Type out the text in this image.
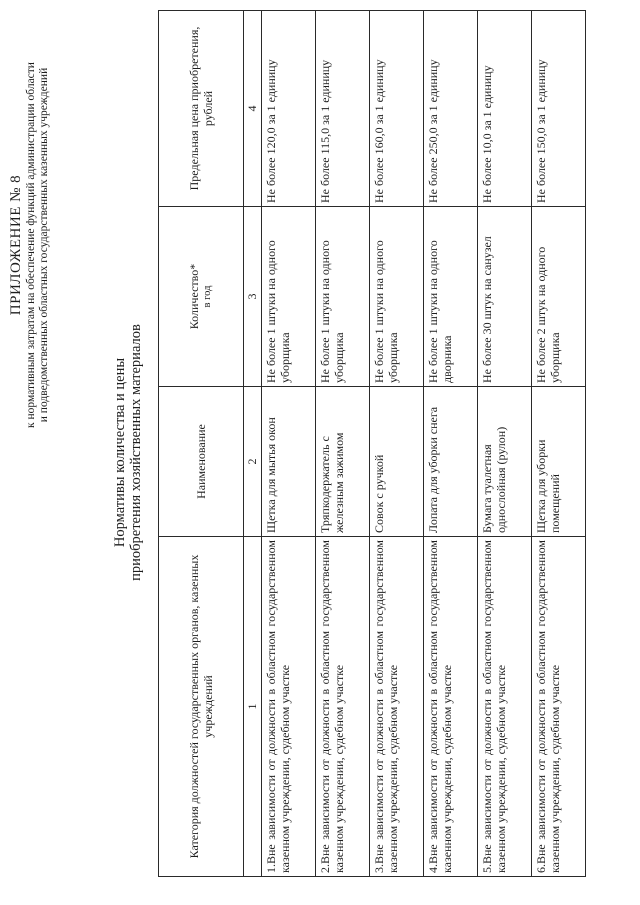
ПРИЛОЖЕНИЕ № 8 к нормативным затратам на обеспечение функций администрации области и подведомственных областных государственных казенных учреждений
Нормативы количества и цены приобретения хозяйственных материалов
Категория должностей государственных органов, казенных учреждений	Наименование	Количество* в год	Предельная цена приобретения, рублей
1	2	3	4
1.Вне зависимости от должности в областном государственном казенном учреждении, судебном участке	Щетка для мытья окон	Не более 1 штуки на одного уборщика	Не более 120,0 за 1 единицу
2.Вне зависимости от должности в областном государственном казенном учреждении, судебном участке	Тряпкодержатель с железным зажимом	Не более 1 штуки на одного уборщика	Не более 115,0 за 1 единицу
3.Вне зависимости от должности в областном государственном казенном учреждении, судебном участке	Совок с ручкой	Не более 1 штуки на одного уборщика	Не более 160,0 за 1 единицу
4.Вне зависимости от должности в областном государственном казенном учреждении, судебном участке	Лопата для уборки снега	Не более 1 штуки на одного дворника	Не более 250,0 за 1 единицу
5.Вне зависимости от должности в областном государственном казенном учреждении, судебном участке	Бумага туалетная однослойная (рулон)	Не более 30 штук на санузел	Не более 10,0 за 1 единицу
6.Вне зависимости от должности в областном государственном казенном учреждении, судебном участке	Щетка для уборки помещений	Не более 2 штук на одного уборщика	Не более 150,0 за 1 единицу
